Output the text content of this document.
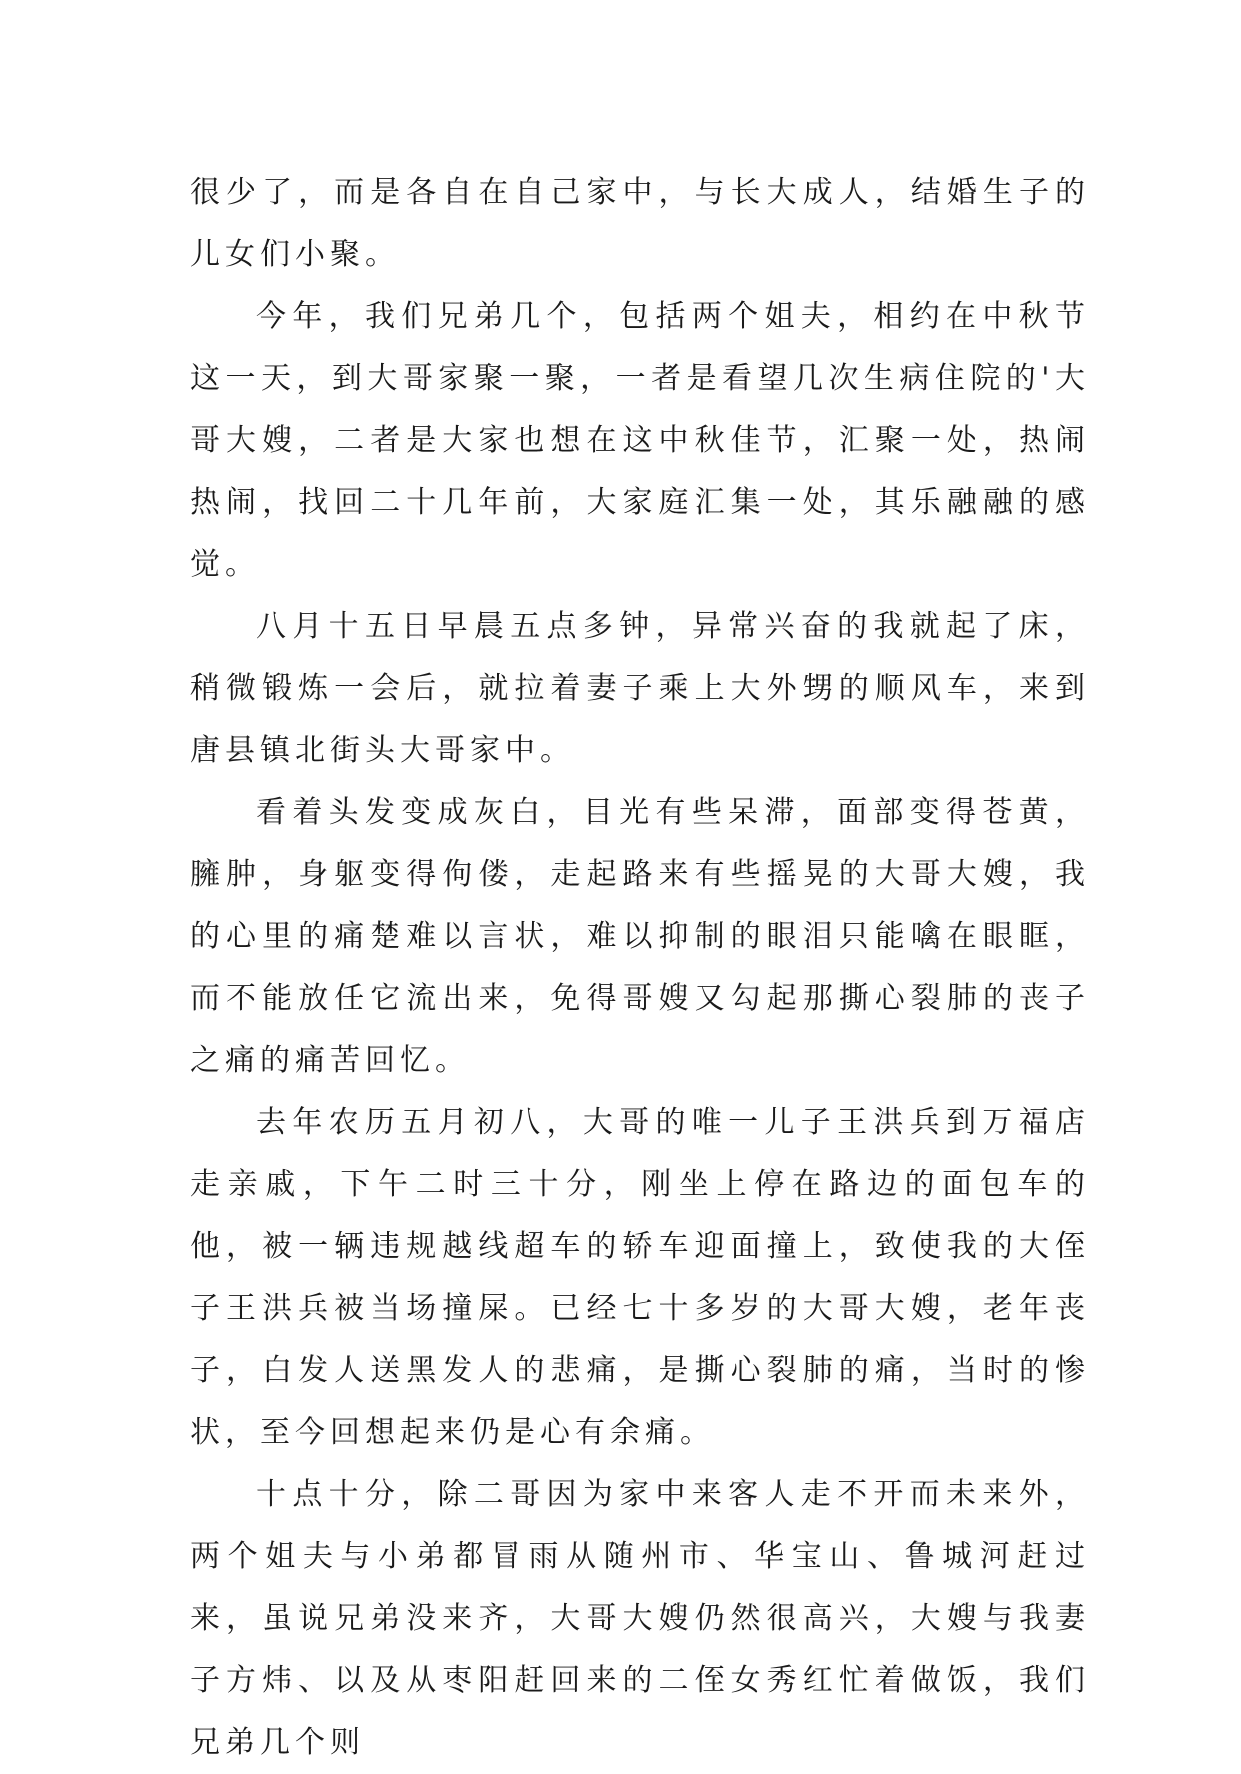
很少了，而是各自在自己家中，与长大成人，结婚生子的儿女们小聚。

今年，我们兄弟几个，包括两个姐夫，相约在中秋节这一天，到大哥家聚一聚，一者是看望几次生病住院的'大哥大嫂，二者是大家也想在这中秋佳节，汇聚一处，热闹热闹，找回二十几年前，大家庭汇集一处，其乐融融的感觉。

八月十五日早晨五点多钟，异常兴奋的我就起了床，稍微锻炼一会后，就拉着妻子乘上大外甥的顺风车，来到唐县镇北街头大哥家中。

看着头发变成灰白，目光有些呆滞，面部变得苍黄，臃肿，身躯变得佝偻，走起路来有些摇晃的大哥大嫂，我的心里的痛楚难以言状，难以抑制的眼泪只能噙在眼眶，而不能放任它流出来，免得哥嫂又勾起那撕心裂肺的丧子之痛的痛苦回忆。

去年农历五月初八，大哥的唯一儿子王洪兵到万福店走亲戚，下午二时三十分，刚坐上停在路边的面包车的他，被一辆违规越线超车的轿车迎面撞上，致使我的大侄子王洪兵被当场撞屎。已经七十多岁的大哥大嫂，老年丧子，白发人送黑发人的悲痛，是撕心裂肺的痛，当时的惨状，至今回想起来仍是心有余痛。

十点十分，除二哥因为家中来客人走不开而未来外，两个姐夫与小弟都冒雨从随州市、华宝山、鲁城河赶过来，虽说兄弟没来齐，大哥大嫂仍然很高兴，大嫂与我妻子方炜、以及从枣阳赶回来的二侄女秀红忙着做饭，我们兄弟几个则
